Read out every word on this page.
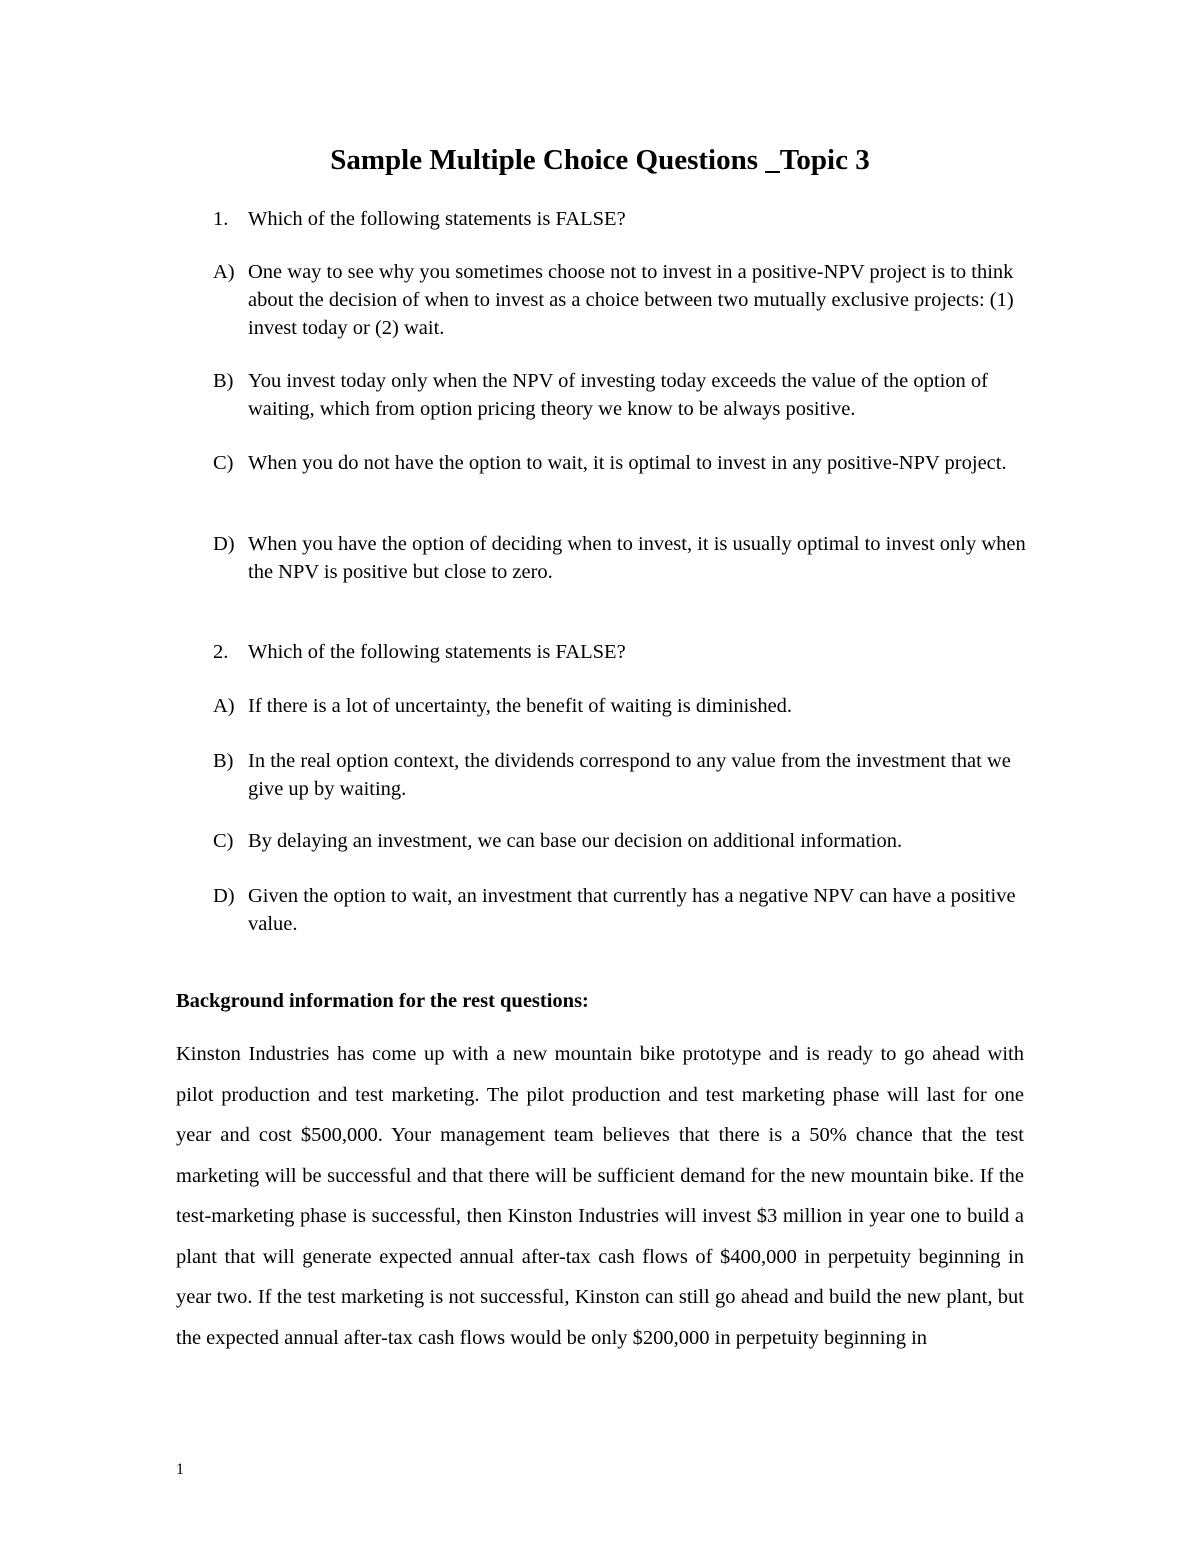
Sample Multiple Choice Questions _Topic 3
1. Which of the following statements is FALSE?
A) One way to see why you sometimes choose not to invest in a positive-NPV project is to think about the decision of when to invest as a choice between two mutually exclusive projects: (1) invest today or (2) wait.
B) You invest today only when the NPV of investing today exceeds the value of the option of waiting, which from option pricing theory we know to be always positive.
C) When you do not have the option to wait, it is optimal to invest in any positive-NPV project.
D) When you have the option of deciding when to invest, it is usually optimal to invest only when the NPV is positive but close to zero.
2. Which of the following statements is FALSE?
A) If there is a lot of uncertainty, the benefit of waiting is diminished.
B) In the real option context, the dividends correspond to any value from the investment that we give up by waiting.
C) By delaying an investment, we can base our decision on additional information.
D) Given the option to wait, an investment that currently has a negative NPV can have a positive value.
Background information for the rest questions:
Kinston Industries has come up with a new mountain bike prototype and is ready to go ahead with pilot production and test marketing. The pilot production and test marketing phase will last for one year and cost $500,000. Your management team believes that there is a 50% chance that the test marketing will be successful and that there will be sufficient demand for the new mountain bike. If the test-marketing phase is successful, then Kinston Industries will invest $3 million in year one to build a plant that will generate expected annual after-tax cash flows of $400,000 in perpetuity beginning in year two. If the test marketing is not successful, Kinston can still go ahead and build the new plant, but the expected annual after-tax cash flows would be only $200,000 in perpetuity beginning in
1
